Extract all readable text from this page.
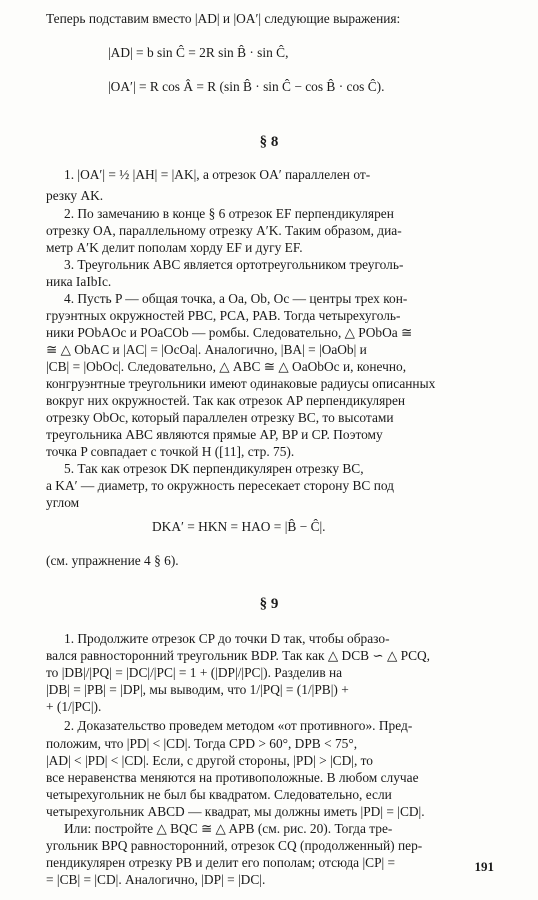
Теперь подставим вместо |AD| и |OA′| следующие выражения:
|AD| = b sin Ĉ = 2R sin B̂ · sin Ĉ,
|OA′| = R cos Â = R (sin B̂ · sin Ĉ − cos B̂ · cos Ĉ).
§ 8
1. |OA′| = ½ |AH| = |AK|, а отрезок OA′ параллелен от-
резку AK.
2. По замечанию в конце § 6 отрезок EF перпендикулярен
отрезку OA, параллельному отрезку A′K. Таким образом, диа-
метр A′K делит пополам хорду EF и дугу EF.
3. Треугольник ABC является ортотреугольником треуголь-
ника IaIbIc.
4. Пусть P — общая точка, а Oa, Ob, Oc — центры трех кон-
груэнтных окружностей PBC, PCA, PAB. Тогда четырехуголь-
ники PObAOc и POaCOb — ромбы. Следовательно, △ PObOa ≅
≅ △ ObAC и |AC| = |OcOa|. Аналогично, |BA| = |OaOb| и
|CB| = |ObOc|. Следовательно, △ ABC ≅ △ OaObOc и, конечно,
конгруэнтные треугольники имеют одинаковые радиусы описанных
вокруг них окружностей. Так как отрезок AP перпендикулярен
отрезку ObOc, который параллелен отрезку BC, то высотами
треугольника ABC являются прямые AP, BP и CP. Поэтому
точка P совпадает с точкой H ([11], стр. 75).
5. Так как отрезок DK перпендикулярен отрезку BC,
а KA′ — диаметр, то окружность пересекает сторону BC под
углом
DKA′ = HKN = HAO = |B̂ − Ĉ|.
(см. упражнение 4 § 6).
§ 9
1. Продолжите отрезок CP до точки D так, чтобы образо-
вался равносторонний треугольник BDP. Так как △ DCB ∽ △ PCQ,
то |DB|/|PQ| = |DC|/|PC| = 1 + (|DP|/|PC|). Разделив на
|DB| = |PB| = |DP|, мы выводим, что 1/|PQ| = (1/|PB|) +
+ (1/|PC|).
2. Доказательство проведем методом «от противного». Пред-
положим, что |PD| < |CD|. Тогда CPD > 60°, DPB < 75°,
|AD| < |PD| < |CD|. Если, с другой стороны, |PD| > |CD|, то
все неравенства меняются на противоположные. В любом случае
четырехугольник не был бы квадратом. Следовательно, если
четырехугольник ABCD — квадрат, мы должны иметь |PD| = |CD|.
Или: постройте △ BQC ≅ △ APB (см. рис. 20). Тогда тре-
угольник BPQ равносторонний, отрезок CQ (продолженный) пер-
пендикулярен отрезку PB и делит его пополам; отсюда |CP| =
= |CB| = |CD|. Аналогично, |DP| = |DC|.
191
